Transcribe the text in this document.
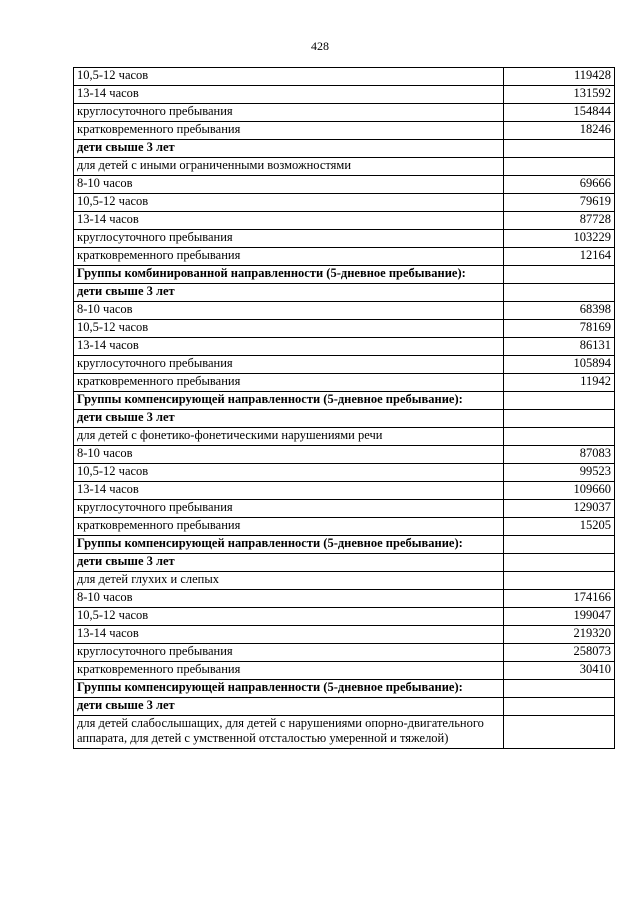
428
10,5-12 часов	119428
13-14 часов	131592
круглосуточного пребывания	154844
кратковременного пребывания	18246
дети свыше 3 лет	
для детей с иными ограниченными возможностями	
8-10 часов	69666
10,5-12 часов	79619
13-14 часов	87728
круглосуточного пребывания	103229
кратковременного пребывания	12164
Группы комбинированной направленности (5-дневное пребывание):	
дети свыше 3 лет	
8-10 часов	68398
10,5-12 часов	78169
13-14 часов	86131
круглосуточного пребывания	105894
кратковременного пребывания	11942
Группы компенсирующей направленности (5-дневное пребывание):	
дети свыше 3 лет	
для детей с фонетико-фонетическими нарушениями речи	
8-10 часов	87083
10,5-12 часов	99523
13-14 часов	109660
круглосуточного пребывания	129037
кратковременного пребывания	15205
Группы компенсирующей направленности (5-дневное пребывание):	
дети свыше 3 лет	
для детей глухих и слепых	
8-10 часов	174166
10,5-12 часов	199047
13-14 часов	219320
круглосуточного пребывания	258073
кратковременного пребывания	30410
Группы компенсирующей направленности (5-дневное пребывание):	
дети свыше 3 лет	
для детей слабослышащих, для детей с нарушениями опорно-двигательного аппарата, для детей с умственной отсталостью умеренной и тяжелой)	
